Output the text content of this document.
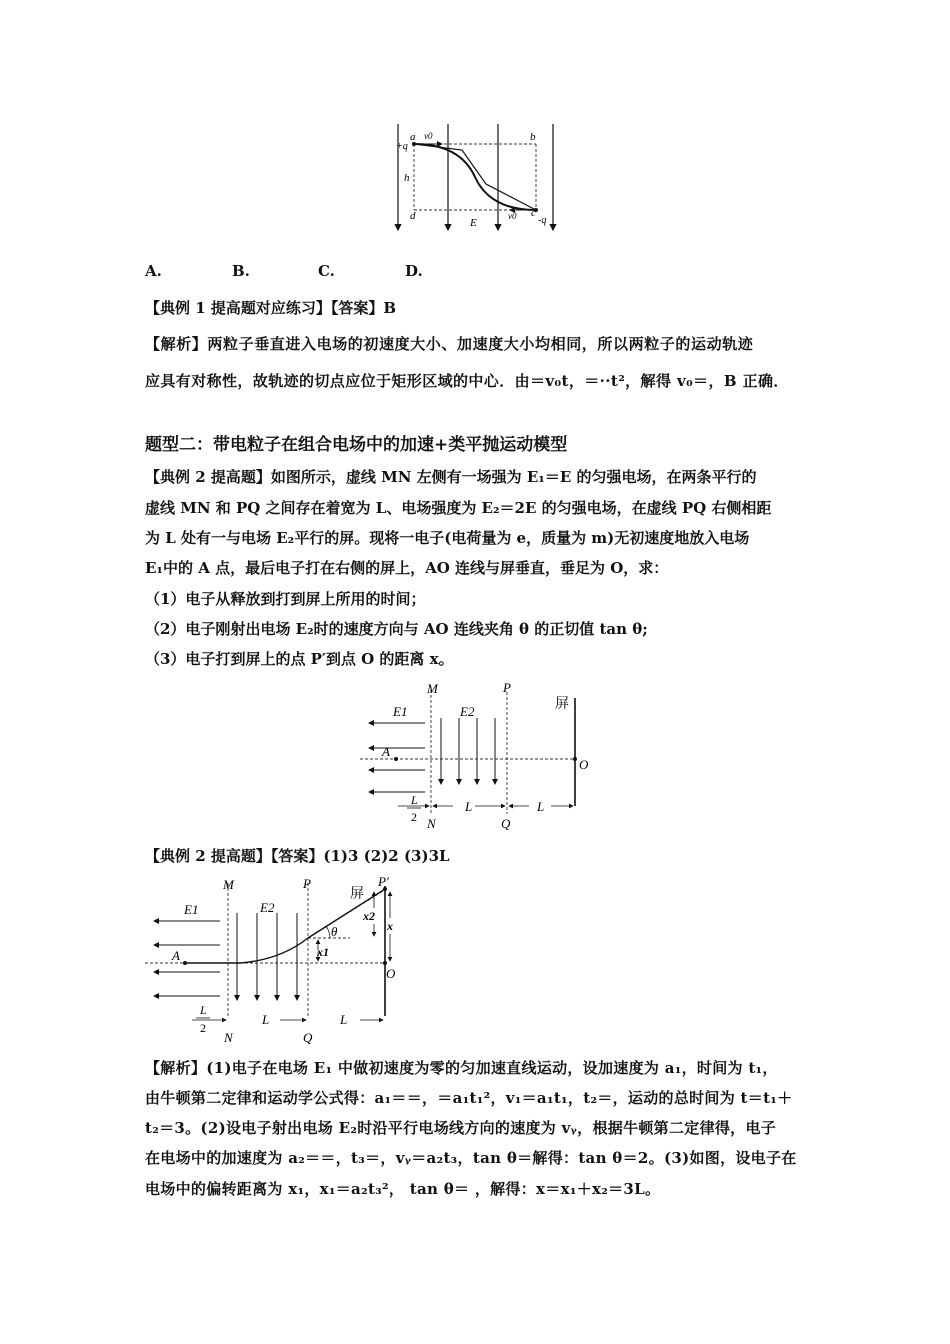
a
+q
v0	b
h
d	v0 c
-q
E
A.	B.	C.	D.
【典例 1 提高题对应练习】【答案】B
【解析】两粒子垂直进入电场的初速度大小、加速度大小均相同，所以两粒子的运动轨迹
应具有对称性，故轨迹的切点应位于矩形区域的中心．由＝v₀t，＝··t²，解得 v₀＝，B 正确．
题型二：带电粒子在组合电场中的加速+类平抛运动模型
【典例 2 提高题】如图所示，虚线 MN 左侧有一场强为 E₁＝E 的匀强电场，在两条平行的
虚线 MN 和 PQ 之间存在着宽为 L、电场强度为 E₂＝2E 的匀强电场，在虚线 PQ 右侧相距
为 L 处有一与电场 E₂平行的屏。现将一电子(电荷量为 e，质量为 m)无初速度地放入电场
E₁中的 A 点，最后电子打在右侧的屏上，AO 连线与屏垂直，垂足为 O，求：
（1）电子从释放到打到屏上所用的时间；
（2）电子刚射出电场 E₂时的速度方向与 AO 连线夹角 θ 的正切值 tan θ;
（3）电子打到屏上的点 P′到点 O 的距离 x。
M	P
E1	E2	屏
A
O
L
2 N
L
Q
L
【典例 2 提高题】【答案】(1)3 (2)2 (3)3L
M	P	P′
E1	E2
屏
θ
x1
x2
x
A
O
L
2
N
L
Q
L
【解析】(1)电子在电场 E₁ 中做初速度为零的匀加速直线运动，设加速度为 a₁，时间为 t₁，
由牛顿第二定律和运动学公式得：a₁＝＝，＝a₁t₁²，v₁＝a₁t₁，t₂＝，运动的总时间为 t＝t₁＋
t₂＝3。(2)设电子射出电场 E₂时沿平行电场线方向的速度为 vᵧ，根据牛顿第二定律得，电子
在电场中的加速度为 a₂＝＝，t₃＝，vᵧ＝a₂t₃，tan θ＝解得：tan θ＝2。(3)如图，设电子在
电场中的偏转距离为 x₁，x₁＝a₂t₃²， tan θ＝ ，解得：x＝x₁＋x₂＝3L。
